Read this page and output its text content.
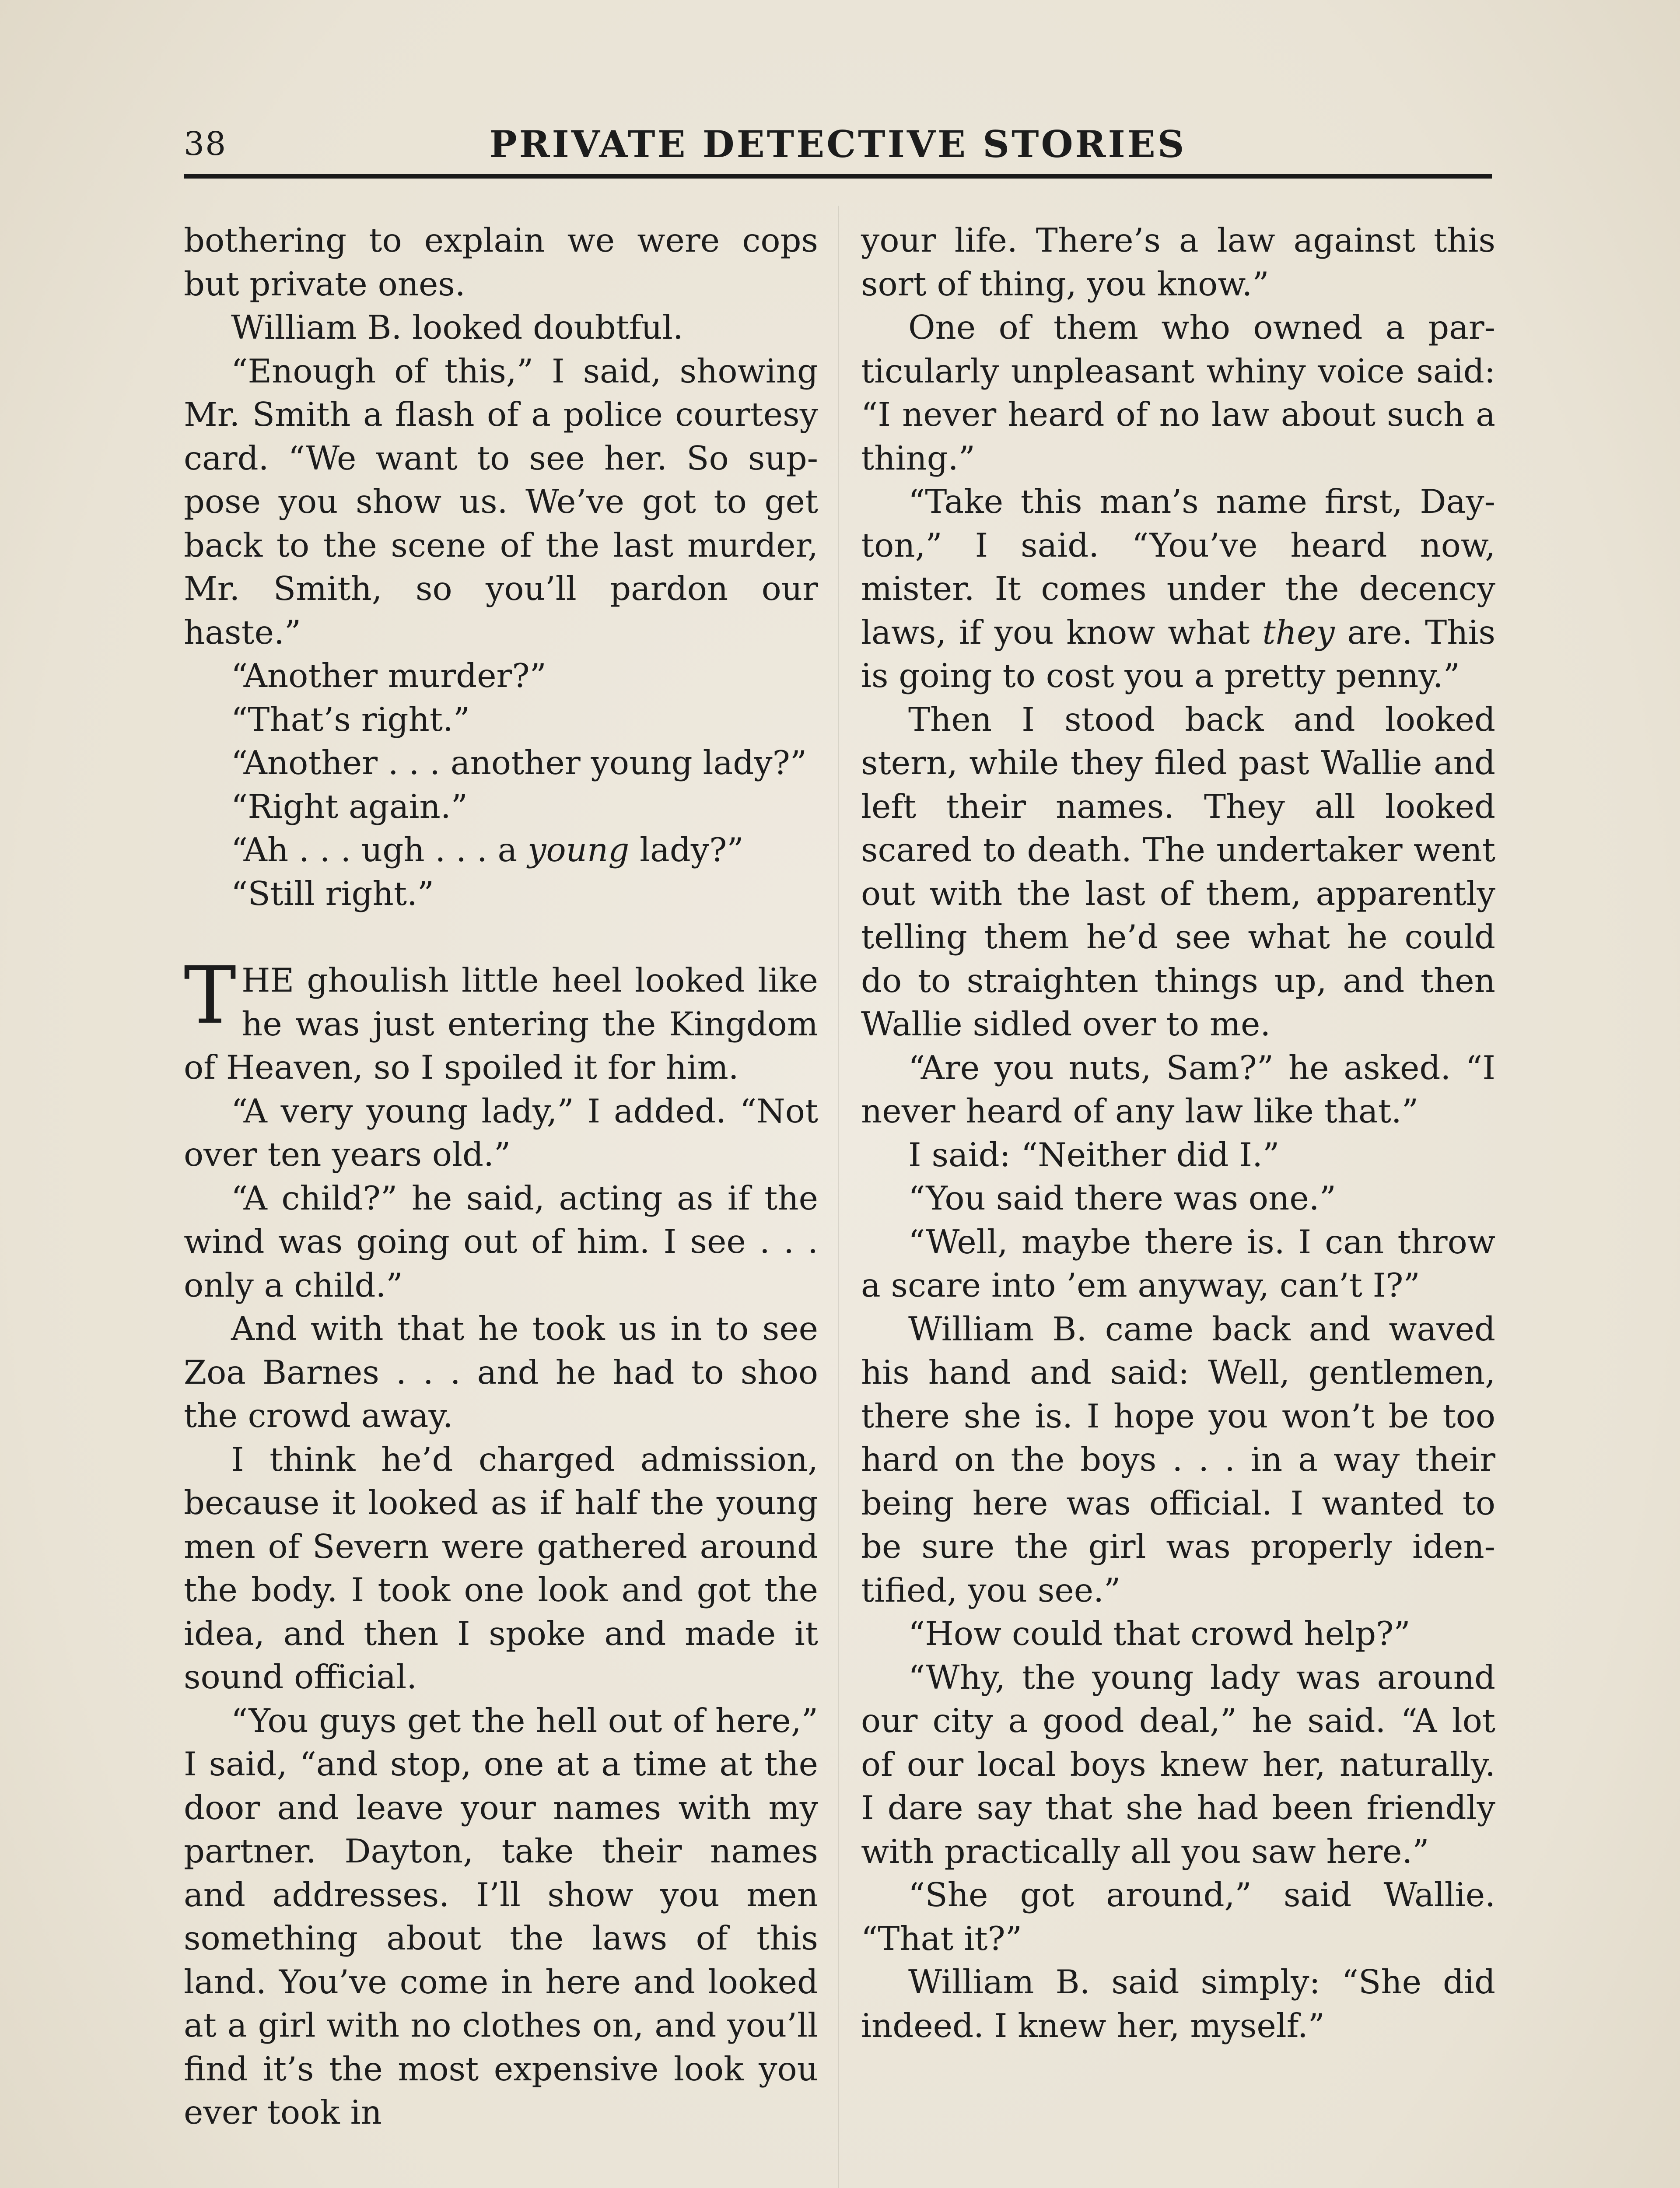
38	PRIVATE DETECTIVE STORIES

bothering to explain we were cops but private ones.

William B. looked doubtful.

“Enough of this,” I said, showing Mr. Smith a flash of a police courtesy card. “We want to see her. So suppose you show us. We’ve got to get back to the scene of the last murder, Mr. Smith, so you’ll pardon our haste.”

“Another murder?”

“That’s right.”

“Another . . . another young lady?”

“Right again.”

“Ah . . . ugh . . . a young lady?”

“Still right.”

THE ghoulish little heel looked like he was just entering the Kingdom of Heaven, so I spoiled it for him.

“A very young lady,” I added. “Not over ten years old.”

“A child?” he said, acting as if the wind was going out of him. I see . . . only a child.”

And with that he took us in to see Zoa Barnes . . . and he had to shoo the crowd away.

I think he’d charged admission, because it looked as if half the young men of Severn were gathered around the body. I took one look and got the idea, and then I spoke and made it sound official.

“You guys get the hell out of here,” I said, “and stop, one at a time at the door and leave your names with my partner. Dayton, take their names and addresses. I’ll show you men something about the laws of this land. You’ve come in here and looked at a girl with no clothes on, and you’ll find it’s the most expensive look you ever took in

your life. There’s a law against this sort of thing, you know.”

One of them who owned a particularly unpleasant whiny voice said: “I never heard of no law about such a thing.”

“Take this man’s name first, Dayton,” I said. “You’ve heard now, mister. It comes under the decency laws, if you know what they are. This is going to cost you a pretty penny.”

Then I stood back and looked stern, while they filed past Wallie and left their names. They all looked scared to death. The undertaker went out with the last of them, apparently telling them he’d see what he could do to straighten things up, and then Wallie sidled over to me.

“Are you nuts, Sam?” he asked. “I never heard of any law like that.”

I said: “Neither did I.”

“You said there was one.”

“Well, maybe there is. I can throw a scare into ’em anyway, can’t I?”

William B. came back and waved his hand and said: Well, gentlemen, there she is. I hope you won’t be too hard on the boys . . . in a way their being here was official. I wanted to be sure the girl was properly identified, you see.”

“How could that crowd help?”

“Why, the young lady was around our city a good deal,” he said. “A lot of our local boys knew her, naturally. I dare say that she had been friendly with practically all you saw here.”

“She got around,” said Wallie. “That it?”

William B. said simply: “She did indeed. I knew her, myself.”
